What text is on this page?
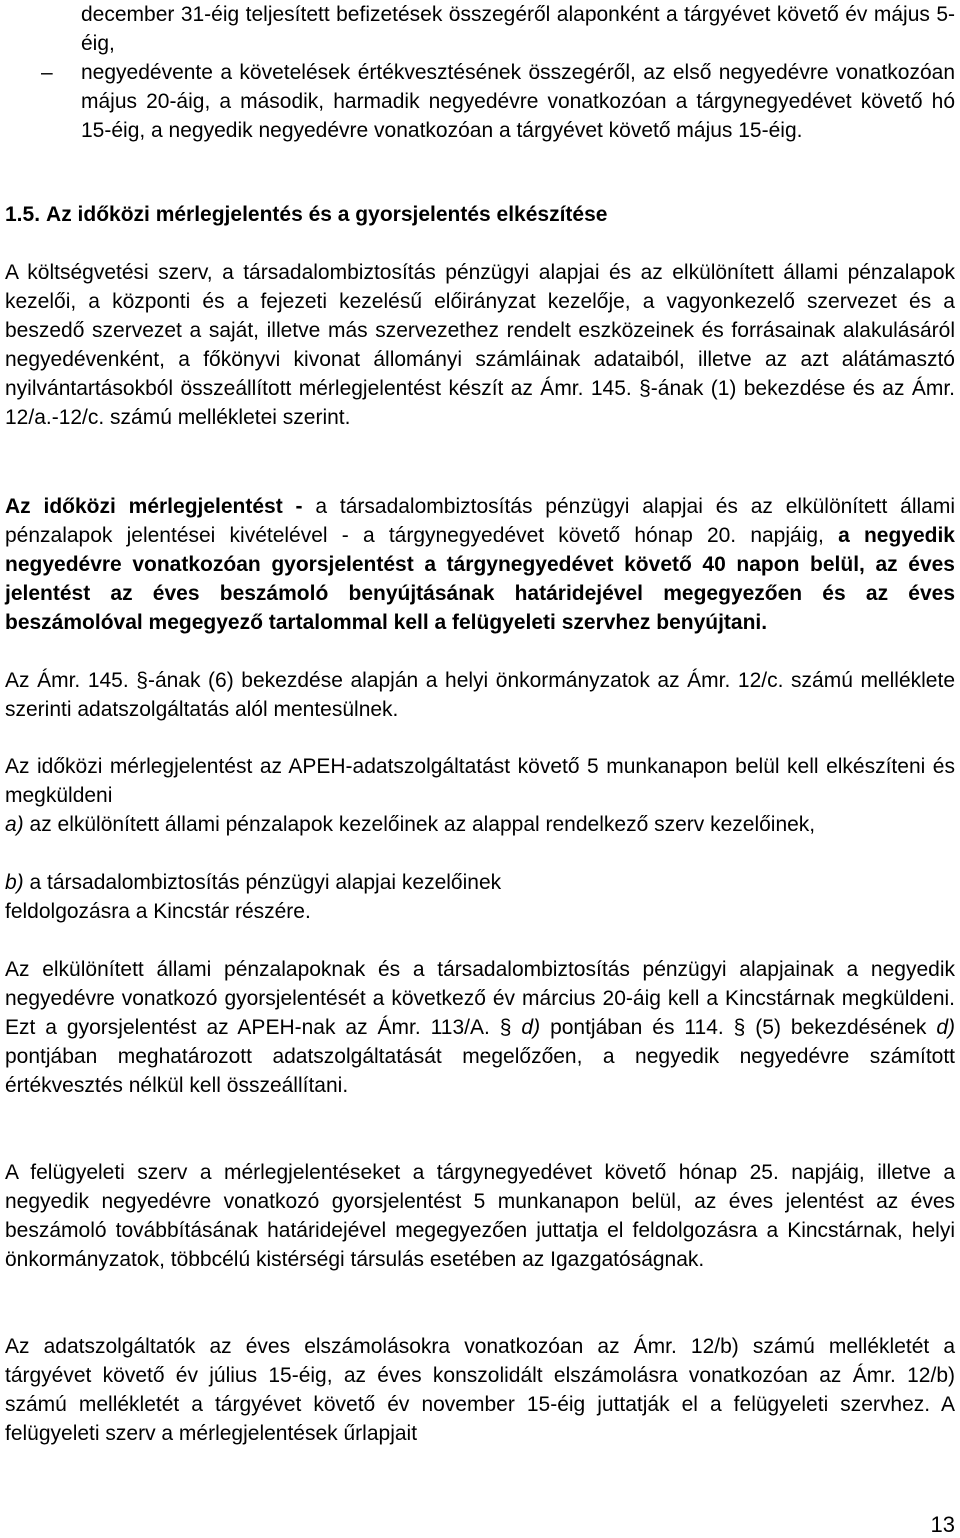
december 31-éig teljesített befizetések összegéről alaponként a tárgyévet követő év május 5-éig,

– negyedévente a követelések értékvesztésének összegéről, az első negyedévre vonatkozóan május 20-áig, a második, harmadik negyedévre vonatkozóan a tárgynegyedévet követő hó 15-éig, a negyedik negyedévre vonatkozóan a tárgyévet követő május 15-éig.

1.5. Az időközi mérlegjelentés és a gyorsjelentés elkészítése

A költségvetési szerv, a társadalombiztosítás pénzügyi alapjai és az elkülönített állami pénzalapok kezelői, a központi és a fejezeti kezelésű előirányzat kezelője, a vagyonkezelő szervezet és a beszedő szervezet a saját, illetve más szervezethez rendelt eszközeinek és forrásainak alakulásáról negyedévenként, a főkönyvi kivonat állományi számláinak adataiból, illetve az azt alátámasztó nyilvántartásokból összeállított mérlegjelentést készít az Ámr. 145. §-ának (1) bekezdése és az Ámr. 12/a.-12/c. számú mellékletei szerint.

Az időközi mérlegjelentést - a társadalombiztosítás pénzügyi alapjai és az elkülönített állami pénzalapok jelentései kivételével - a tárgynegyedévet követő hónap 20. napjáig, a negyedik negyedévre vonatkozóan gyorsjelentést a tárgynegyedévet követő 40 napon belül, az éves jelentést az éves beszámoló benyújtásának határidejével megegyezően és az éves beszámolóval megegyező tartalommal kell a felügyeleti szervhez benyújtani.

Az Ámr. 145. §-ának (6) bekezdése alapján a helyi önkormányzatok az Ámr. 12/c. számú melléklete szerinti adatszolgáltatás alól mentesülnek.

Az időközi mérlegjelentést az APEH-adatszolgáltatást követő 5 munkanapon belül kell elkészíteni és megküldeni

a) az elkülönített állami pénzalapok kezelőinek az alappal rendelkező szerv kezelőinek,

b) a társadalombiztosítás pénzügyi alapjai kezelőinek

feldolgozásra a Kincstár részére.

Az elkülönített állami pénzalapoknak és a társadalombiztosítás pénzügyi alapjainak a negyedik negyedévre vonatkozó gyorsjelentését a következő év március 20-áig kell a Kincstárnak megküldeni. Ezt a gyorsjelentést az APEH-nak az Ámr. 113/A. § d) pontjában és 114. § (5) bekezdésének d) pontjában meghatározott adatszolgáltatását megelőzően, a negyedik negyedévre számított értékvesztés nélkül kell összeállítani.

A felügyeleti szerv a mérlegjelentéseket a tárgynegyedévet követő hónap 25. napjáig, illetve a negyedik negyedévre vonatkozó gyorsjelentést 5 munkanapon belül, az éves jelentést az éves beszámoló továbbításának határidejével megegyezően juttatja el feldolgozásra a Kincstárnak, helyi önkormányzatok, többcélú kistérségi társulás esetében az Igazgatóságnak.

Az adatszolgáltatók az éves elszámolásokra vonatkozóan az Ámr. 12/b) számú mellékletét a tárgyévet követő év július 15-éig, az éves konszolidált elszámolásra vonatkozóan az Ámr. 12/b) számú mellékletét a tárgyévet követő év november 15-éig juttatják el a felügyeleti szervhez. A felügyeleti szerv a mérlegjelentések űrlapjait

13
